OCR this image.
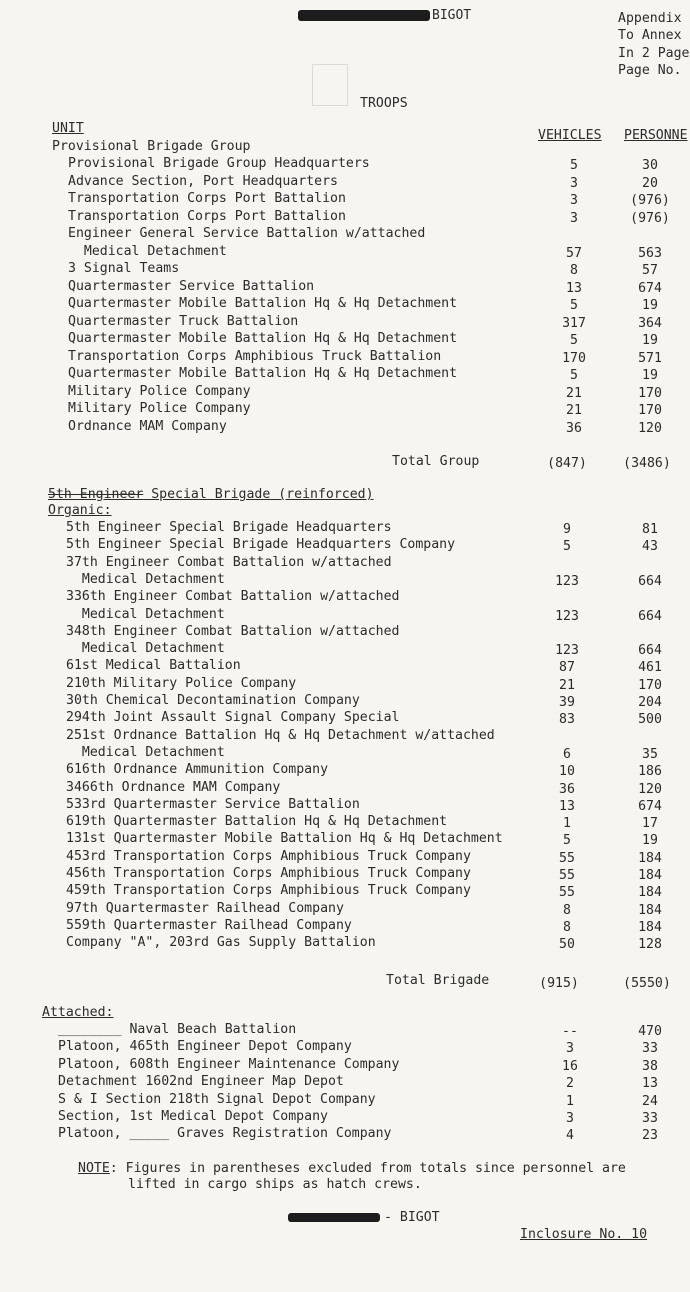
BIGOT	Appendix
To Annex
In 2 Page
Page No.
TROOPS
UNIT	VEHICLES PERSONNE
Provisional Brigade Group
Provisional Brigade Group Headquarters	5	30
Advance Section, Port Headquarters	3	20
Transportation Corps Port Battalion	3	(976)
Transportation Corps Port Battalion	3	(976)
Engineer General Service Battalion w/attached
Medical Detachment	57	563
3 Signal Teams	8	57
Quartermaster Service Battalion	13	674
Quartermaster Mobile Battalion Hq & Hq Detachment	5	19
Quartermaster Truck Battalion	317	364
Quartermaster Mobile Battalion Hq & Hq Detachment	5	19
Transportation Corps Amphibious Truck Battalion	170	571
Quartermaster Mobile Battalion Hq & Hq Detachment	5	19
Military Police Company	21	170
Military Police Company	21	170
Ordnance MAM Company	36	120
Total Group	(847)	(3486)
5th Engineer Special Brigade (reinforced)
Organic:
5th Engineer Special Brigade Headquarters	9	81
5th Engineer Special Brigade Headquarters Company	5	43
37th Engineer Combat Battalion w/attached
Medical Detachment	123	664
336th Engineer Combat Battalion w/attached
Medical Detachment	123	664
348th Engineer Combat Battalion w/attached
Medical Detachment	123	664
61st Medical Battalion	87	461
210th Military Police Company	21	170
30th Chemical Decontamination Company	39	204
294th Joint Assault Signal Company Special	83	500
251st Ordnance Battalion Hq & Hq Detachment w/attached
Medical Detachment	6	35
616th Ordnance Ammunition Company	10	186
3466th Ordnance MAM Company	36	120
533rd Quartermaster Service Battalion	13	674
619th Quartermaster Battalion Hq & Hq Detachment	1	17
131st Quartermaster Mobile Battalion Hq & Hq Detachment	5	19
453rd Transportation Corps Amphibious Truck Company	55	184
456th Transportation Corps Amphibious Truck Company	55	184
459th Transportation Corps Amphibious Truck Company	55	184
97th Quartermaster Railhead Company	8	184
559th Quartermaster Railhead Company	8	184
Company "A", 203rd Gas Supply Battalion	50	128
Total Brigade	(915)	(5550)
Attached:
________ Naval Beach Battalion	--	470
Platoon, 465th Engineer Depot Company	3	33
Platoon, 608th Engineer Maintenance Company	16	38
Detachment 1602nd Engineer Map Depot	2	13
S & I Section 218th Signal Depot Company	1	24
Section, 1st Medical Depot Company	3	33
Platoon, _____ Graves Registration Company	4	23
NOTE: Figures in parentheses excluded from totals since personnel are
lifted in cargo ships as hatch crews.
- BIGOT
Inclosure No. 10
